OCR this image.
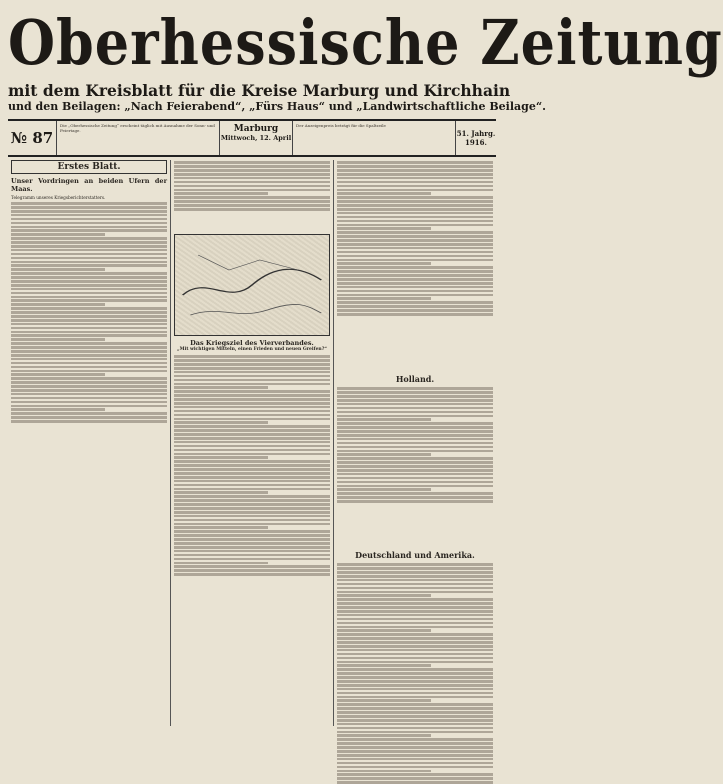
Oberhessische Zeitung
mit dem Kreisblatt für die Kreise Marburg und Kirchhain
und den Beilagen: „Nach Feierabend“, „Fürs Haus“ und „Landwirtschaftliche Beilage“.
№ 87
Die „Oberhessische Zeitung“ erscheint täglich mit Ausnahme der Sonn- und Feiertage.	Marburg
Mittwoch, 12. April
Der Anzeigenpreis beträgt für die Spaltzeile
51. Jahrg.
1916.
Erstes Blatt.
Unser Vordringen an beiden Ufern der Maas.
Telegramm unseres Kriegsberichterstatters.
Das Kriegsziel des Vierverbandes.
„Mit wichtigen Mitteln, einen Frieden und neuen Greifen?“
Holland.
Deutschland und Amerika.
